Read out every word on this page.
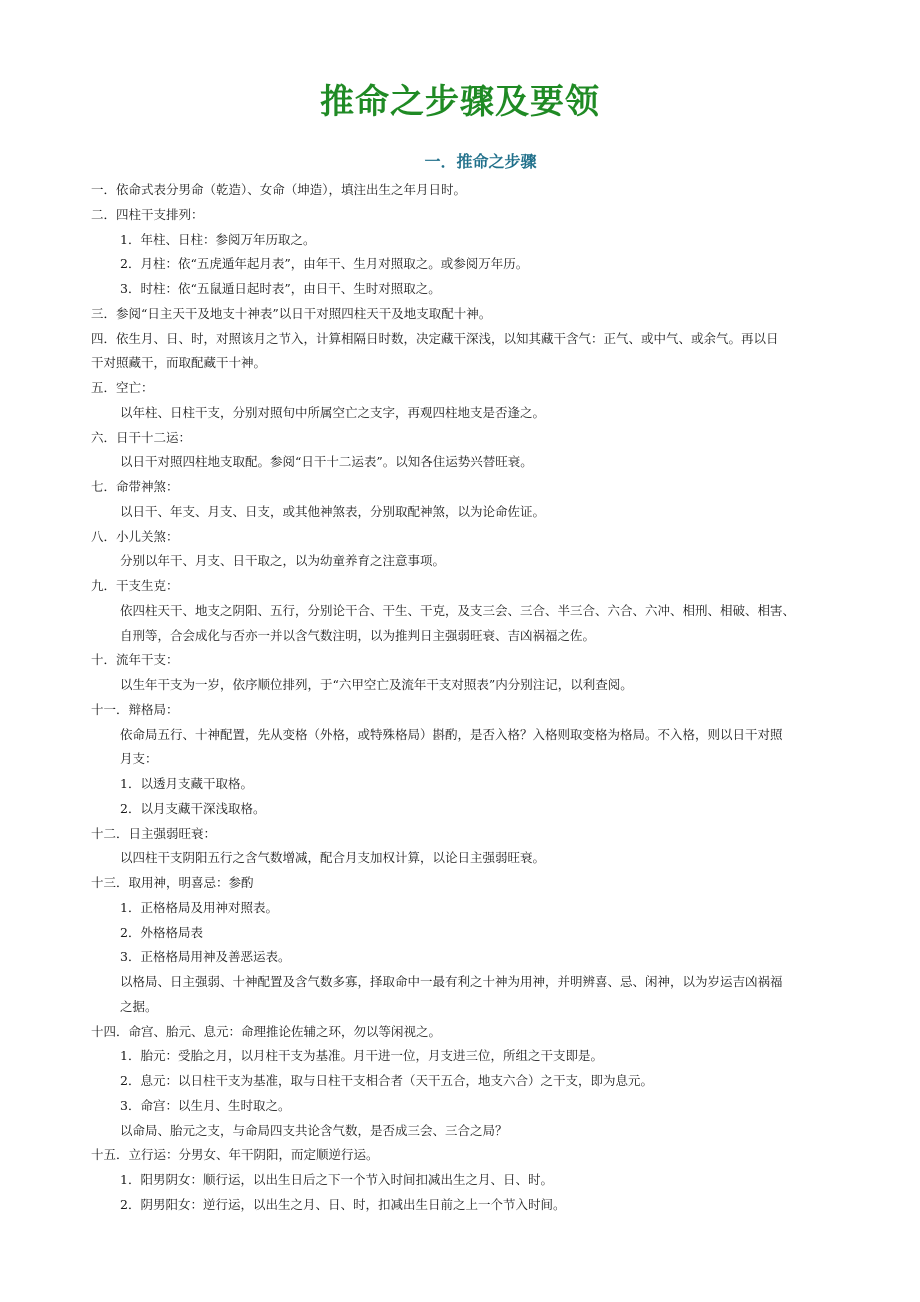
推命之步骤及要领
一．推命之步骤
一．依命式表分男命（乾造）、女命（坤造），填注出生之年月日时。
二．四柱干支排列：
1．年柱、日柱：参阅万年历取之。
2．月柱：依“五虎遁年起月表”，由年干、生月对照取之。或参阅万年历。
3．时柱：依“五鼠遁日起时表”，由日干、生时对照取之。
三．参阅“日主天干及地支十神表”以日干对照四柱天干及地支取配十神。
四．依生月、日、时，对照该月之节入，计算相隔日时数，决定藏干深浅，以知其藏干含气：正气、或中气、或余气。再以日
干对照藏干，而取配藏干十神。
五．空亡：
以年柱、日柱干支，分别对照旬中所属空亡之支字，再观四柱地支是否逢之。
六．日干十二运：
以日干对照四柱地支取配。参阅“日干十二运表”。以知各住运势兴替旺衰。
七．命带神煞：
以日干、年支、月支、日支，或其他神煞表，分别取配神煞，以为论命佐证。
八．小儿关煞：
分别以年干、月支、日干取之，以为幼童养育之注意事项。
九．干支生克：
依四柱天干、地支之阴阳、五行，分别论干合、干生、干克，及支三会、三合、半三合、六合、六冲、相刑、相破、相害、
自刑等，合会成化与否亦一并以含气数注明，以为推判日主强弱旺衰、吉凶祸福之佐。
十．流年干支：
以生年干支为一岁，依序顺位排列，于“六甲空亡及流年干支对照表”内分别注记，以利查阅。
十一．辩格局：
依命局五行、十神配置，先从变格（外格，或特殊格局）斟酌，是否入格？入格则取变格为格局。不入格，则以日干对照
月支：
1．以透月支藏干取格。
2．以月支藏干深浅取格。
十二．日主强弱旺衰：
以四柱干支阴阳五行之含气数增减，配合月支加权计算，以论日主强弱旺衰。
十三．取用神，明喜忌：参酌
1．正格格局及用神对照表。
2．外格格局表
3．正格格局用神及善恶运表。
以格局、日主强弱、十神配置及含气数多寡，择取命中一最有利之十神为用神，并明辨喜、忌、闲神，以为岁运吉凶祸福
之据。
十四．命宫、胎元、息元：命理推论佐辅之环，勿以等闲视之。
1．胎元：受胎之月，以月柱干支为基准。月干进一位，月支进三位，所组之干支即是。
2．息元：以日柱干支为基准，取与日柱干支相合者（天干五合，地支六合）之干支，即为息元。
3．命宫：以生月、生时取之。
以命局、胎元之支，与命局四支共论含气数，是否成三会、三合之局？
十五．立行运：分男女、年干阴阳，而定顺逆行运。
1．阳男阴女：顺行运，以出生日后之下一个节入时间扣减出生之月、日、时。
2．阴男阳女：逆行运，以出生之月、日、时，扣减出生日前之上一个节入时间。
